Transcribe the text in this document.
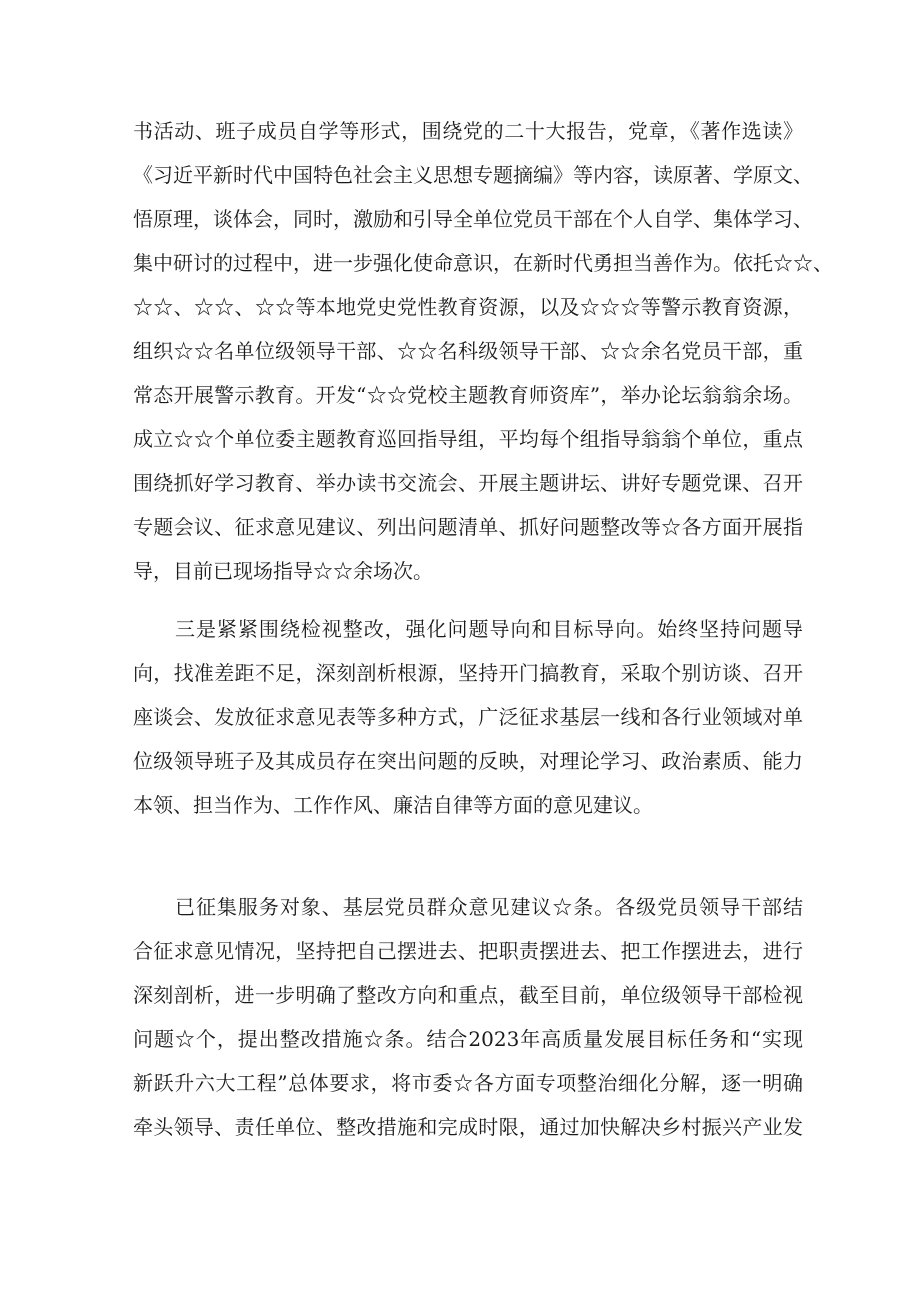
书活动、班子成员自学等形式，围绕党的二十大报告，党章，《著作选读》
《习近平新时代中国特色社会主义思想专题摘编》等内容，读原著、学原文、
悟原理，谈体会，同时，激励和引导全单位党员干部在个人自学、集体学习、
集中研讨的过程中，进一步强化使命意识，在新时代勇担当善作为。依托☆☆、
☆☆、☆☆、☆☆等本地党史党性教育资源，以及☆☆☆等警示教育资源，
组织☆☆名单位级领导干部、☆☆名科级领导干部、☆☆余名党员干部，重
常态开展警示教育。开发“☆☆党校主题教育师资库”，举办论坛翁翁余场。
成立☆☆个单位委主题教育巡回指导组，平均每个组指导翁翁个单位，重点
围绕抓好学习教育、举办读书交流会、开展主题讲坛、讲好专题党课、召开
专题会议、征求意见建议、列出问题清单、抓好问题整改等☆各方面开展指
导，目前已现场指导☆☆余场次。
三是紧紧围绕检视整改，强化问题导向和目标导向。始终坚持问题导
向，找准差距不足，深刻剖析根源，坚持开门搞教育，采取个别访谈、召开
座谈会、发放征求意见表等多种方式，广泛征求基层一线和各行业领域对单
位级领导班子及其成员存在突出问题的反映，对理论学习、政治素质、能力
本领、担当作为、工作作风、廉洁自律等方面的意见建议。
已征集服务对象、基层党员群众意见建议☆条。各级党员领导干部结
合征求意见情况，坚持把自己摆进去、把职责摆进去、把工作摆进去，进行
深刻剖析，进一步明确了整改方向和重点，截至目前，单位级领导干部检视
问题☆个，提出整改措施☆条。结合2023年高质量发展目标任务和“实现
新跃升六大工程”总体要求，将市委☆各方面专项整治细化分解，逐一明确
牵头领导、责任单位、整改措施和完成时限，通过加快解决乡村振兴产业发
